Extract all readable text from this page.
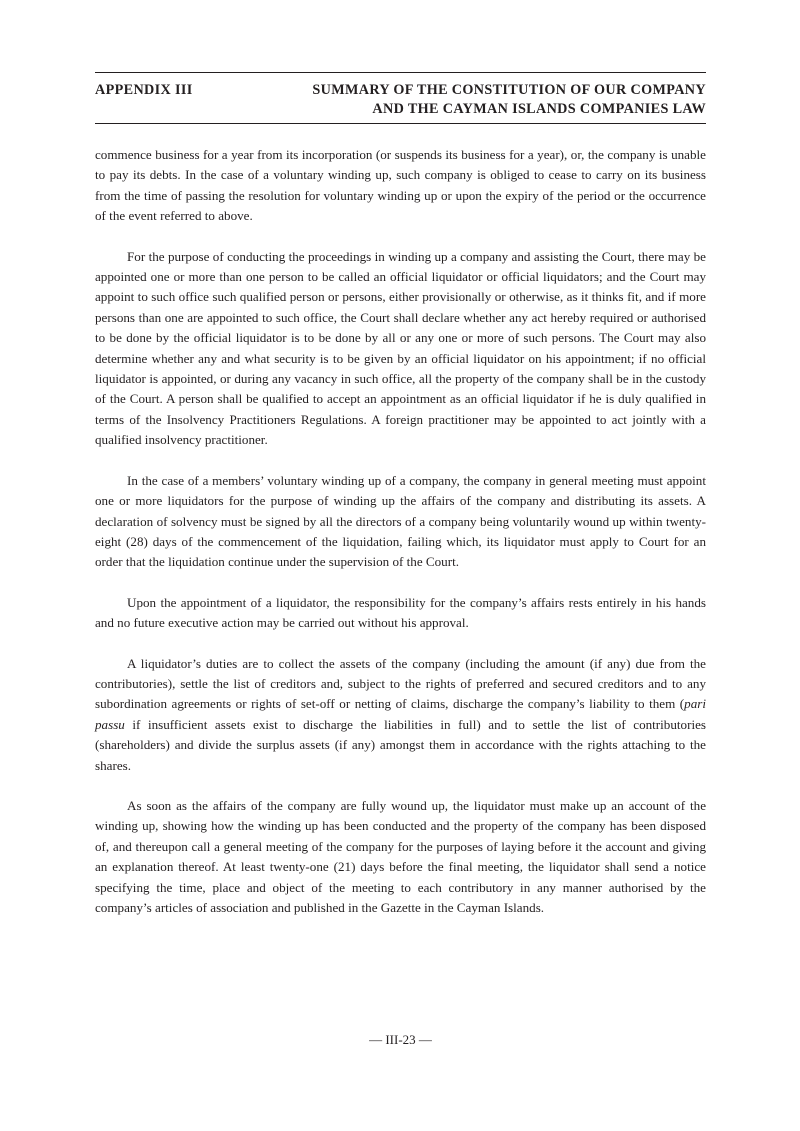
APPENDIX III	SUMMARY OF THE CONSTITUTION OF OUR COMPANY
AND THE CAYMAN ISLANDS COMPANIES LAW

commence business for a year from its incorporation (or suspends its business for a year), or, the company is unable to pay its debts. In the case of a voluntary winding up, such company is obliged to cease to carry on its business from the time of passing the resolution for voluntary winding up or upon the expiry of the period or the occurrence of the event referred to above.

For the purpose of conducting the proceedings in winding up a company and assisting the Court, there may be appointed one or more than one person to be called an official liquidator or official liquidators; and the Court may appoint to such office such qualified person or persons, either provisionally or otherwise, as it thinks fit, and if more persons than one are appointed to such office, the Court shall declare whether any act hereby required or authorised to be done by the official liquidator is to be done by all or any one or more of such persons. The Court may also determine whether any and what security is to be given by an official liquidator on his appointment; if no official liquidator is appointed, or during any vacancy in such office, all the property of the company shall be in the custody of the Court. A person shall be qualified to accept an appointment as an official liquidator if he is duly qualified in terms of the Insolvency Practitioners Regulations. A foreign practitioner may be appointed to act jointly with a qualified insolvency practitioner.

In the case of a members’ voluntary winding up of a company, the company in general meeting must appoint one or more liquidators for the purpose of winding up the affairs of the company and distributing its assets. A declaration of solvency must be signed by all the directors of a company being voluntarily wound up within twenty-eight (28) days of the commencement of the liquidation, failing which, its liquidator must apply to Court for an order that the liquidation continue under the supervision of the Court.

Upon the appointment of a liquidator, the responsibility for the company’s affairs rests entirely in his hands and no future executive action may be carried out without his approval.

A liquidator’s duties are to collect the assets of the company (including the amount (if any) due from the contributories), settle the list of creditors and, subject to the rights of preferred and secured creditors and to any subordination agreements or rights of set-off or netting of claims, discharge the company’s liability to them (pari passu if insufficient assets exist to discharge the liabilities in full) and to settle the list of contributories (shareholders) and divide the surplus assets (if any) amongst them in accordance with the rights attaching to the shares.

As soon as the affairs of the company are fully wound up, the liquidator must make up an account of the winding up, showing how the winding up has been conducted and the property of the company has been disposed of, and thereupon call a general meeting of the company for the purposes of laying before it the account and giving an explanation thereof. At least twenty-one (21) days before the final meeting, the liquidator shall send a notice specifying the time, place and object of the meeting to each contributory in any manner authorised by the company’s articles of association and published in the Gazette in the Cayman Islands.

— III-23 —
